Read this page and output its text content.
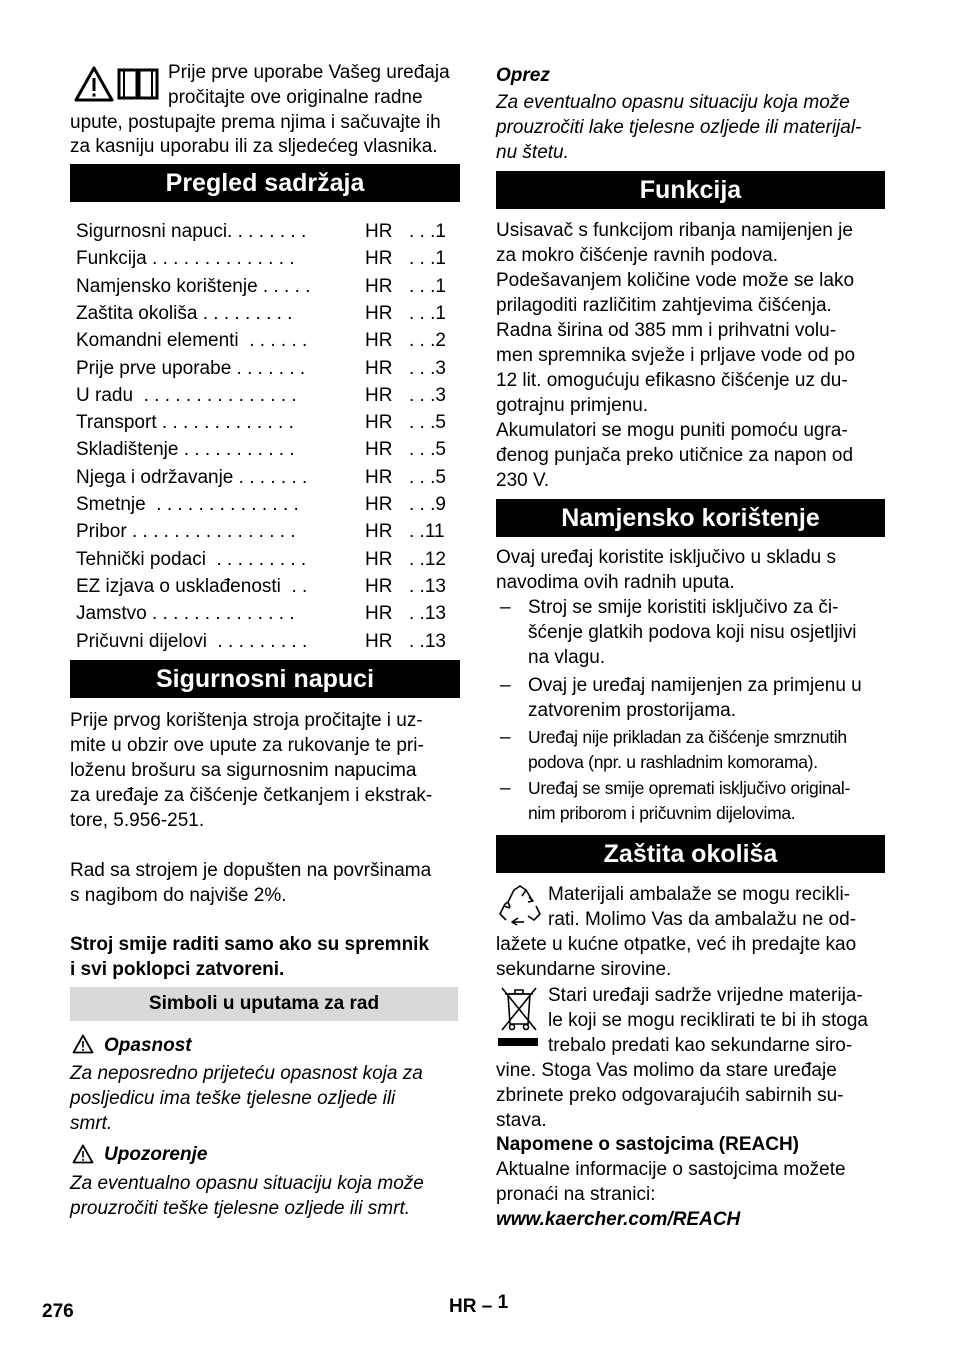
Prije prve uporabe Vašeg uređaja

pročitajte ove originalne radne

upute, postupajte prema njima i sačuvajte ih

za kasniju uporabu ili za sljedećeg vlasnika.

Pregled sadržaja
Sigurnosni napuci. . . . . . . .	HR . . .1
Funkcija . . . . . . . . . . . . . .	HR . . .1
Namjensko korištenje . . . . .	HR . . .1
Zaštita okoliša . . . . . . . . .	HR . . .1
Komandni elementi  . . . . . .	HR . . .2
Prije prve uporabe . . . . . . .	HR . . .3
U radu  . . . . . . . . . . . . . . .	HR . . .3
Transport . . . . . . . . . . . . .	HR . . .5
Skladištenje . . . . . . . . . . .	HR . . .5
Njega i održavanje . . . . . . .	HR . . .5
Smetnje  . . . . . . . . . . . . . .	HR . . .9
Pribor . . . . . . . . . . . . . . . .	HR . .11
Tehnički podaci  . . . . . . . . .	HR . .12
EZ izjava o usklađenosti  . .	HR . .13
Jamstvo . . . . . . . . . . . . . .	HR . .13
Pričuvni dijelovi  . . . . . . . . .	HR . .13
Sigurnosni napuci

Prije prvog korištenja stroja pročitajte i uz-

mite u obzir ove upute za rukovanje te pri-

loženu brošuru sa sigurnosnim napucima

za uređaje za čišćenje četkanjem i ekstrak-

tore, 5.956-251.

Rad sa strojem je dopušten na površinama

s nagibom do najviše 2%.

Stroj smije raditi samo ako su spremnik

i svi poklopci zatvoreni.

Simboli u uputama za rad

Opasnost

Za neposredno prijeteću opasnost koja za

posljedicu ima teške tjelesne ozljede ili

smrt.

Upozorenje

Za eventualno opasnu situaciju koja može

prouzročiti teške tjelesne ozljede ili smrt.

Oprez

Za eventualno opasnu situaciju koja može

prouzročiti lake tjelesne ozljede ili materijal-

nu štetu.

Funkcija

Usisavač s funkcijom ribanja namijenjen je

za mokro čišćenje ravnih podova.

Podešavanjem količine vode može se lako

prilagoditi različitim zahtjevima čišćenja.

Radna širina od 385 mm i prihvatni volu-

men spremnika svježe i prljave vode od po

12 lit. omogućuju efikasno čišćenje uz du-

gotrajnu primjenu.

Akumulatori se mogu puniti pomoću ugra-

đenog punjača preko utičnice za napon od

230 V.

Namjensko korištenje

Ovaj uređaj koristite isključivo u skladu s

navodima ovih radnih uputa.

– Stroj se smije koristiti isključivo za či-

šćenje glatkih podova koji nisu osjetljivi

na vlagu.

– Ovaj je uređaj namijenjen za primjenu u

zatvorenim prostorijama.

– Uređaj nije prikladan za čišćenje smrznutih

podova (npr. u rashladnim komorama).

– Uređaj se smije opremati isključivo original-

nim priborom i pričuvnim dijelovima.

Zaštita okoliša

Materijali ambalaže se mogu recikli-

rati. Molimo Vas da ambalažu ne od-

lažete u kućne otpatke, već ih predajte kao

sekundarne sirovine.

Stari uređaji sadrže vrijedne materija-

le koji se mogu reciklirati te bi ih stoga

trebalo predati kao sekundarne siro-

vine. Stoga Vas molimo da stare uređaje

zbrinete preko odgovarajućih sabirnih su-

stava.

Napomene o sastojcima (REACH)

Aktualne informacije o sastojcima možete

pronaći na stranici:

www.kaercher.com/REACH

276	HR – 1
